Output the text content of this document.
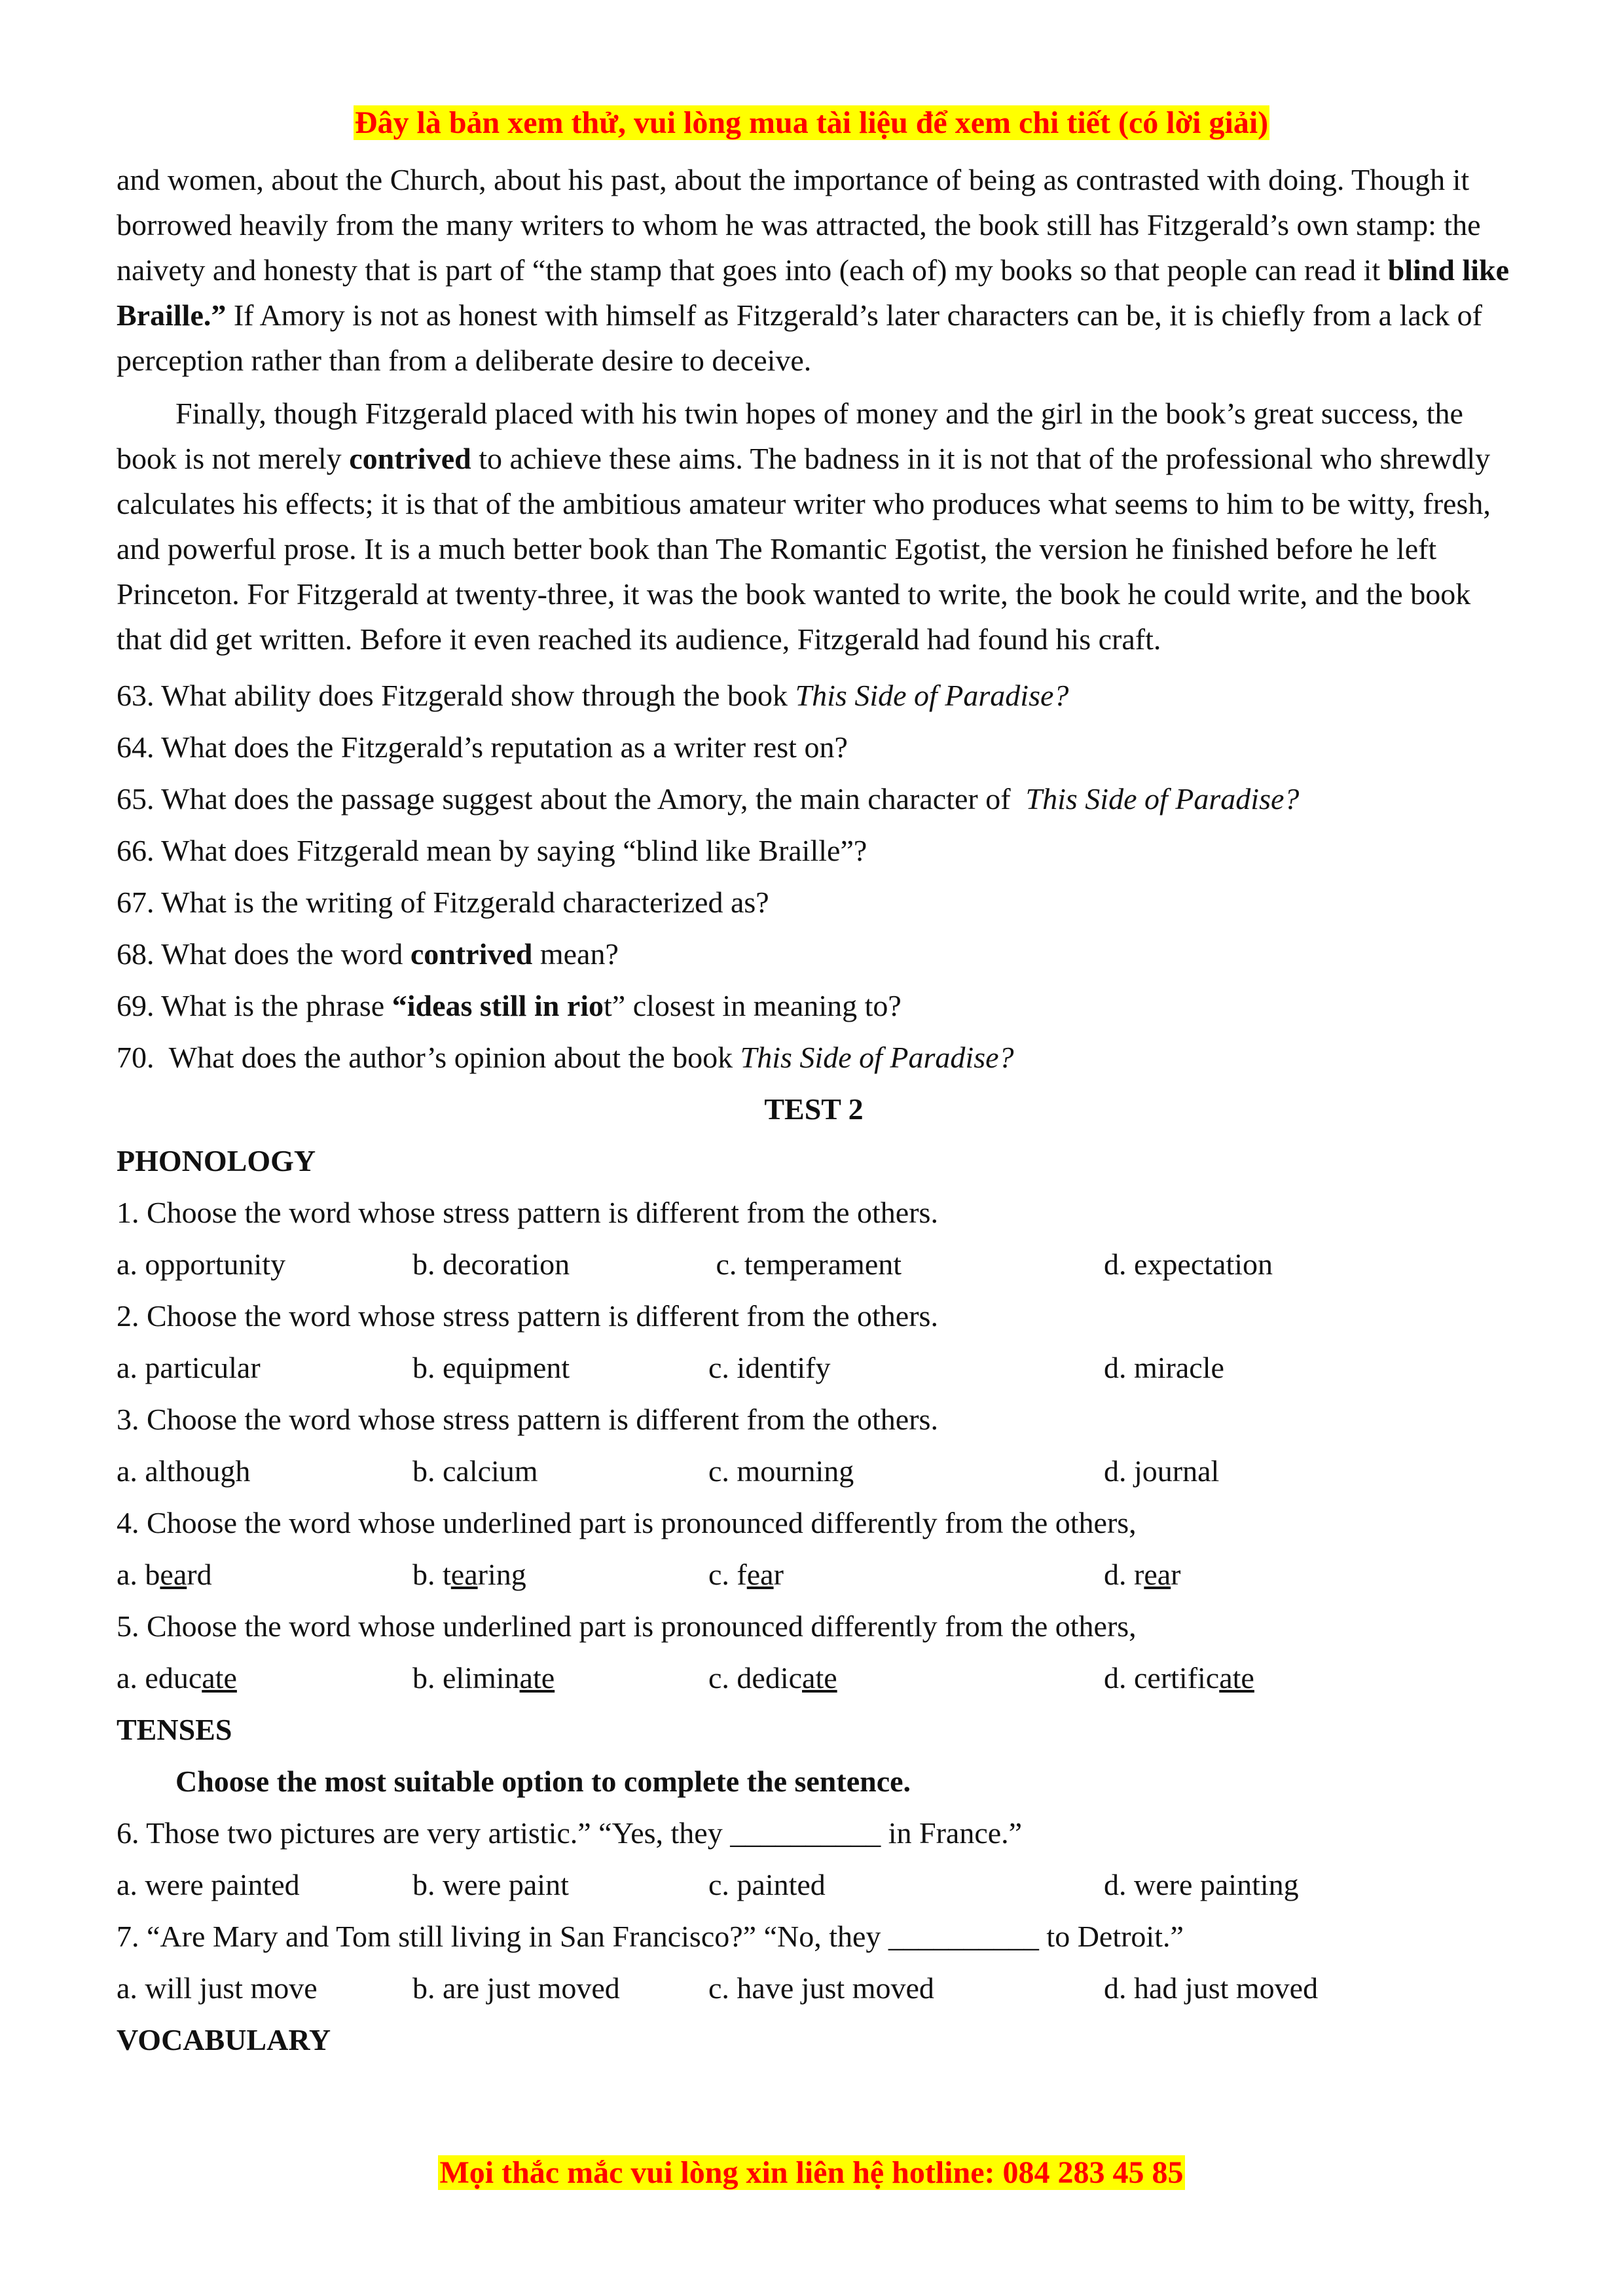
Đây là bản xem thử, vui lòng mua tài liệu để xem chi tiết (có lời giải)

and women, about the Church, about his past, about the importance of being as contrasted with doing. Though it borrowed heavily from the many writers to whom he was attracted, the book still has Fitzgerald’s own stamp: the naivety and honesty that is part of “the stamp that goes into (each of) my books so that people can read it blind like Braille.” If Amory is not as honest with himself as Fitzgerald’s later characters can be, it is chiefly from a lack of perception rather than from a deliberate desire to deceive.

Finally, though Fitzgerald placed with his twin hopes of money and the girl in the book’s great success, the book is not merely contrived to achieve these aims. The badness in it is not that of the professional who shrewdly calculates his effects; it is that of the ambitious amateur writer who produces what seems to him to be witty, fresh, and powerful prose. It is a much better book than The Romantic Egotist, the version he finished before he left Princeton. For Fitzgerald at twenty-three, it was the book wanted to write, the book he could write, and the book that did get written. Before it even reached its audience, Fitzgerald had found his craft.

63. What ability does Fitzgerald show through the book This Side of Paradise?
64. What does the Fitzgerald’s reputation as a writer rest on?
65. What does the passage suggest about the Amory, the main character of  This Side of Paradise?
66. What does Fitzgerald mean by saying “blind like Braille”?
67. What is the writing of Fitzgerald characterized as?
68. What does the word contrived mean?
69. What is the phrase “ideas still in riot” closest in meaning to?
70.  What does the author’s opinion about the book This Side of Paradise?
TEST 2
PHONOLOGY
1. Choose the word whose stress pattern is different from the others.
a. opportunity	b. decoration	c. temperament	d. expectation
2. Choose the word whose stress pattern is different from the others.
a. particular	b. equipment	c. identify	d. miracle
3. Choose the word whose stress pattern is different from the others.
a. although	b. calcium	c. mourning	d. journal
4. Choose the word whose underlined part is pronounced differently from the others,
a. beard	b. tearing	c. fear	d. rear
5. Choose the word whose underlined part is pronounced differently from the others,
a. educate	b. eliminate	c. dedicate	d. certificate
TENSES
Choose the most suitable option to complete the sentence.
6. Those two pictures are very artistic.” “Yes, they __________ in France.”
a. were painted	b. were paint	c. painted	d. were painting
7. “Are Mary and Tom still living in San Francisco?” “No, they __________ to Detroit.”
a. will just move	b. are just moved	c. have just moved	d. had just moved
VOCABULARY
Mọi thắc mắc vui lòng xin liên hệ hotline: 084 283 45 85
